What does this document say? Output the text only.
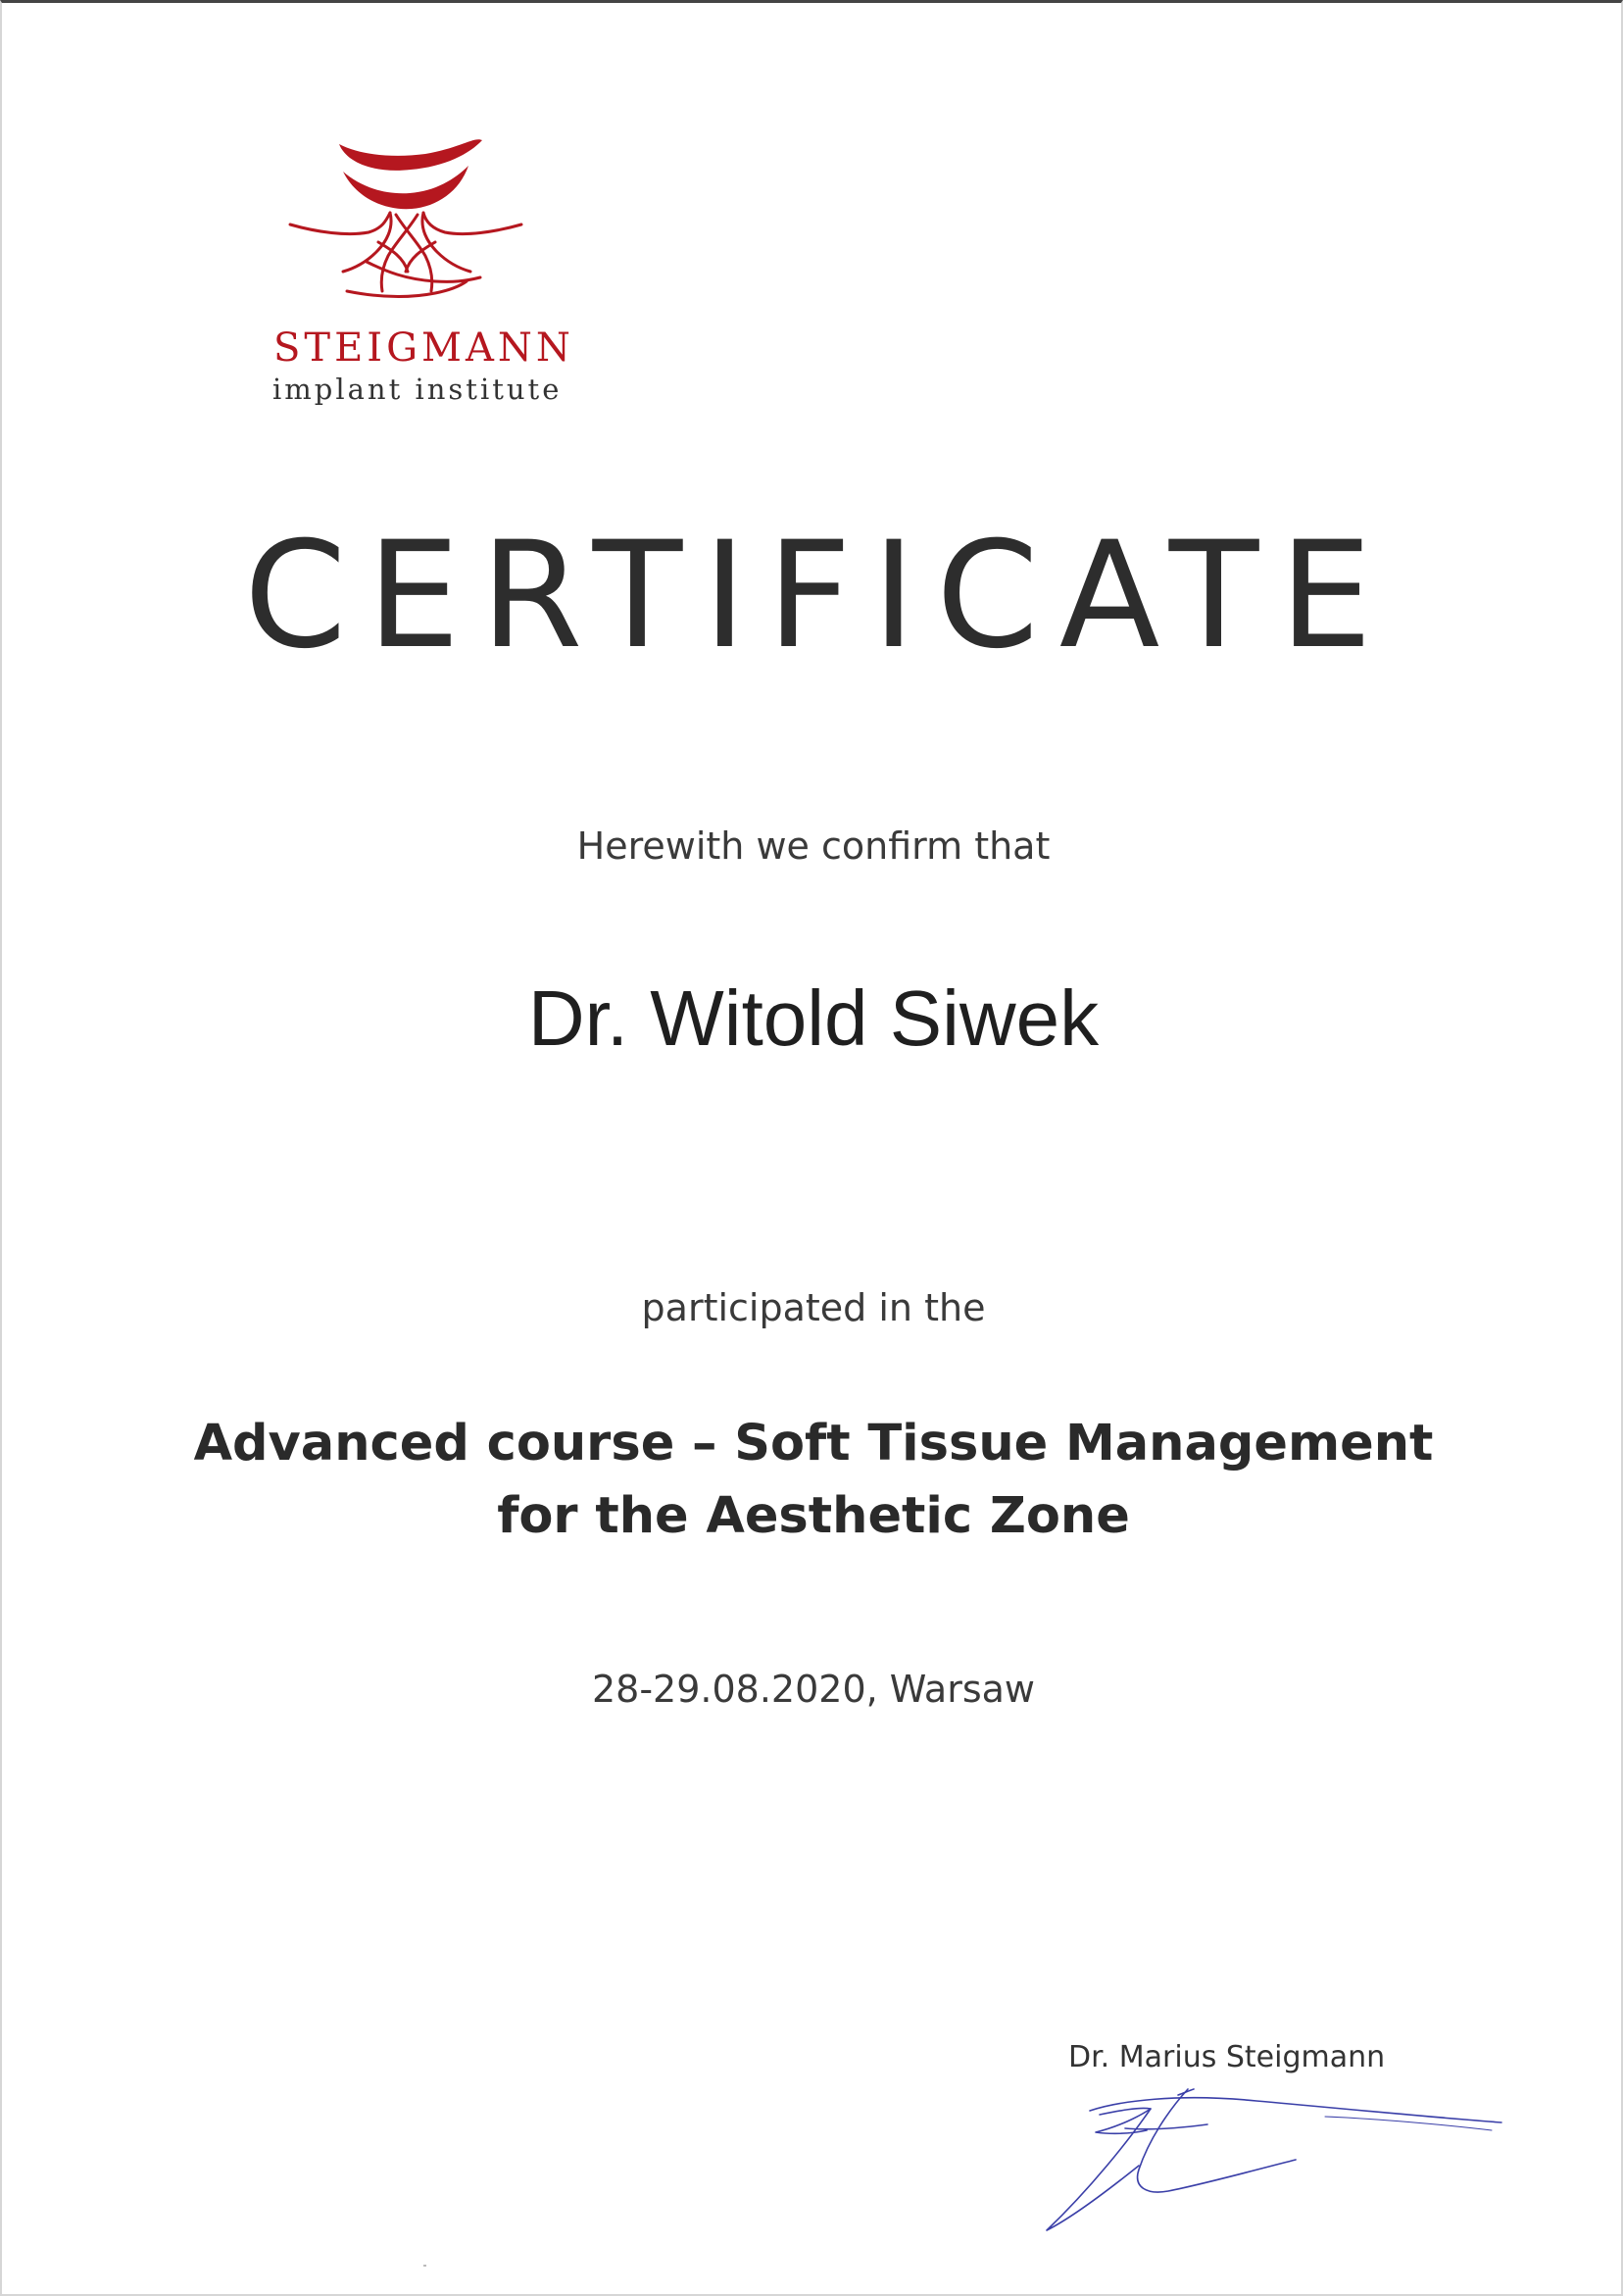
STEIGMANN
implant institute
CERTIFICATE
Herewith we confirm that
Dr. Witold Siwek
participated in the
Advanced course – Soft Tissue Management
for the Aesthetic Zone
28-29.08.2020, Warsaw
Dr. Marius Steigmann
